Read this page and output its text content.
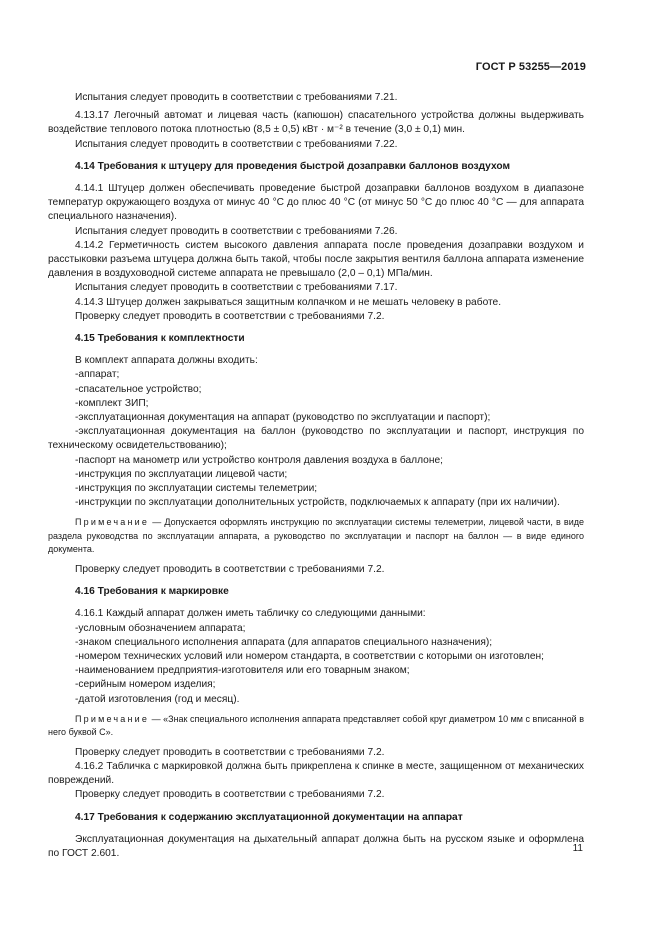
ГОСТ Р 53255—2019

Испытания следует проводить в соответствии с требованиями 7.21.

4.13.17 Легочный автомат и лицевая часть (капюшон) спасательного устройства должны выдерживать воздействие теплового потока плотностью (8,5 ± 0,5) кВт · м⁻² в течение (3,0 ± 0,1) мин.

Испытания следует проводить в соответствии с требованиями 7.22.

4.14 Требования к штуцеру для проведения быстрой дозаправки баллонов воздухом

4.14.1 Штуцер должен обеспечивать проведение быстрой дозаправки баллонов воздухом в диапазоне температур окружающего воздуха от минус 40 °C до плюс 40 °C (от минус 50 °C до плюс 40 °C — для аппарата специального назначения).

Испытания следует проводить в соответствии с требованиями 7.26.

4.14.2 Герметичность систем высокого давления аппарата после проведения дозаправки воздухом и расстыковки разъема штуцера должна быть такой, чтобы после закрытия вентиля баллона аппарата изменение давления в воздуховодной системе аппарата не превышало (2,0 – 0,1) МПа/мин.

Испытания следует проводить в соответствии с требованиями 7.17.

4.14.3 Штуцер должен закрываться защитным колпачком и не мешать человеку в работе.

Проверку следует проводить в соответствии с требованиями 7.2.

4.15 Требования к комплектности

В комплект аппарата должны входить:

-аппарат;

-спасательное устройство;

-комплект ЗИП;

-эксплуатационная документация на аппарат (руководство по эксплуатации и паспорт);

-эксплуатационная документация на баллон (руководство по эксплуатации и паспорт, инструкция по техническому освидетельствованию);

-паспорт на манометр или устройство контроля давления воздуха в баллоне;

-инструкция по эксплуатации лицевой части;

-инструкция по эксплуатации системы телеметрии;

-инструкции по эксплуатации дополнительных устройств, подключаемых к аппарату (при их наличии).

Примечание — Допускается оформлять инструкцию по эксплуатации системы телеметрии, лицевой части, в виде раздела руководства по эксплуатации аппарата, а руководство по эксплуатации и паспорт на баллон — в виде единого документа.

Проверку следует проводить в соответствии с требованиями 7.2.

4.16 Требования к маркировке

4.16.1 Каждый аппарат должен иметь табличку со следующими данными:

-условным обозначением аппарата;

-знаком специального исполнения аппарата (для аппаратов специального назначения);

-номером технических условий или номером стандарта, в соответствии с которыми он изготовлен;

-наименованием предприятия-изготовителя или его товарным знаком;

-серийным номером изделия;

-датой изготовления (год и месяц).

Примечание — «Знак специального исполнения аппарата представляет собой круг диаметром 10 мм с вписанной в него буквой С».

Проверку следует проводить в соответствии с требованиями 7.2.

4.16.2 Табличка с маркировкой должна быть прикреплена к спинке в месте, защищенном от механических повреждений.

Проверку следует проводить в соответствии с требованиями 7.2.

4.17 Требования к содержанию эксплуатационной документации на аппарат

Эксплуатационная документация на дыхательный аппарат должна быть на русском языке и оформлена по ГОСТ 2.601.	11
